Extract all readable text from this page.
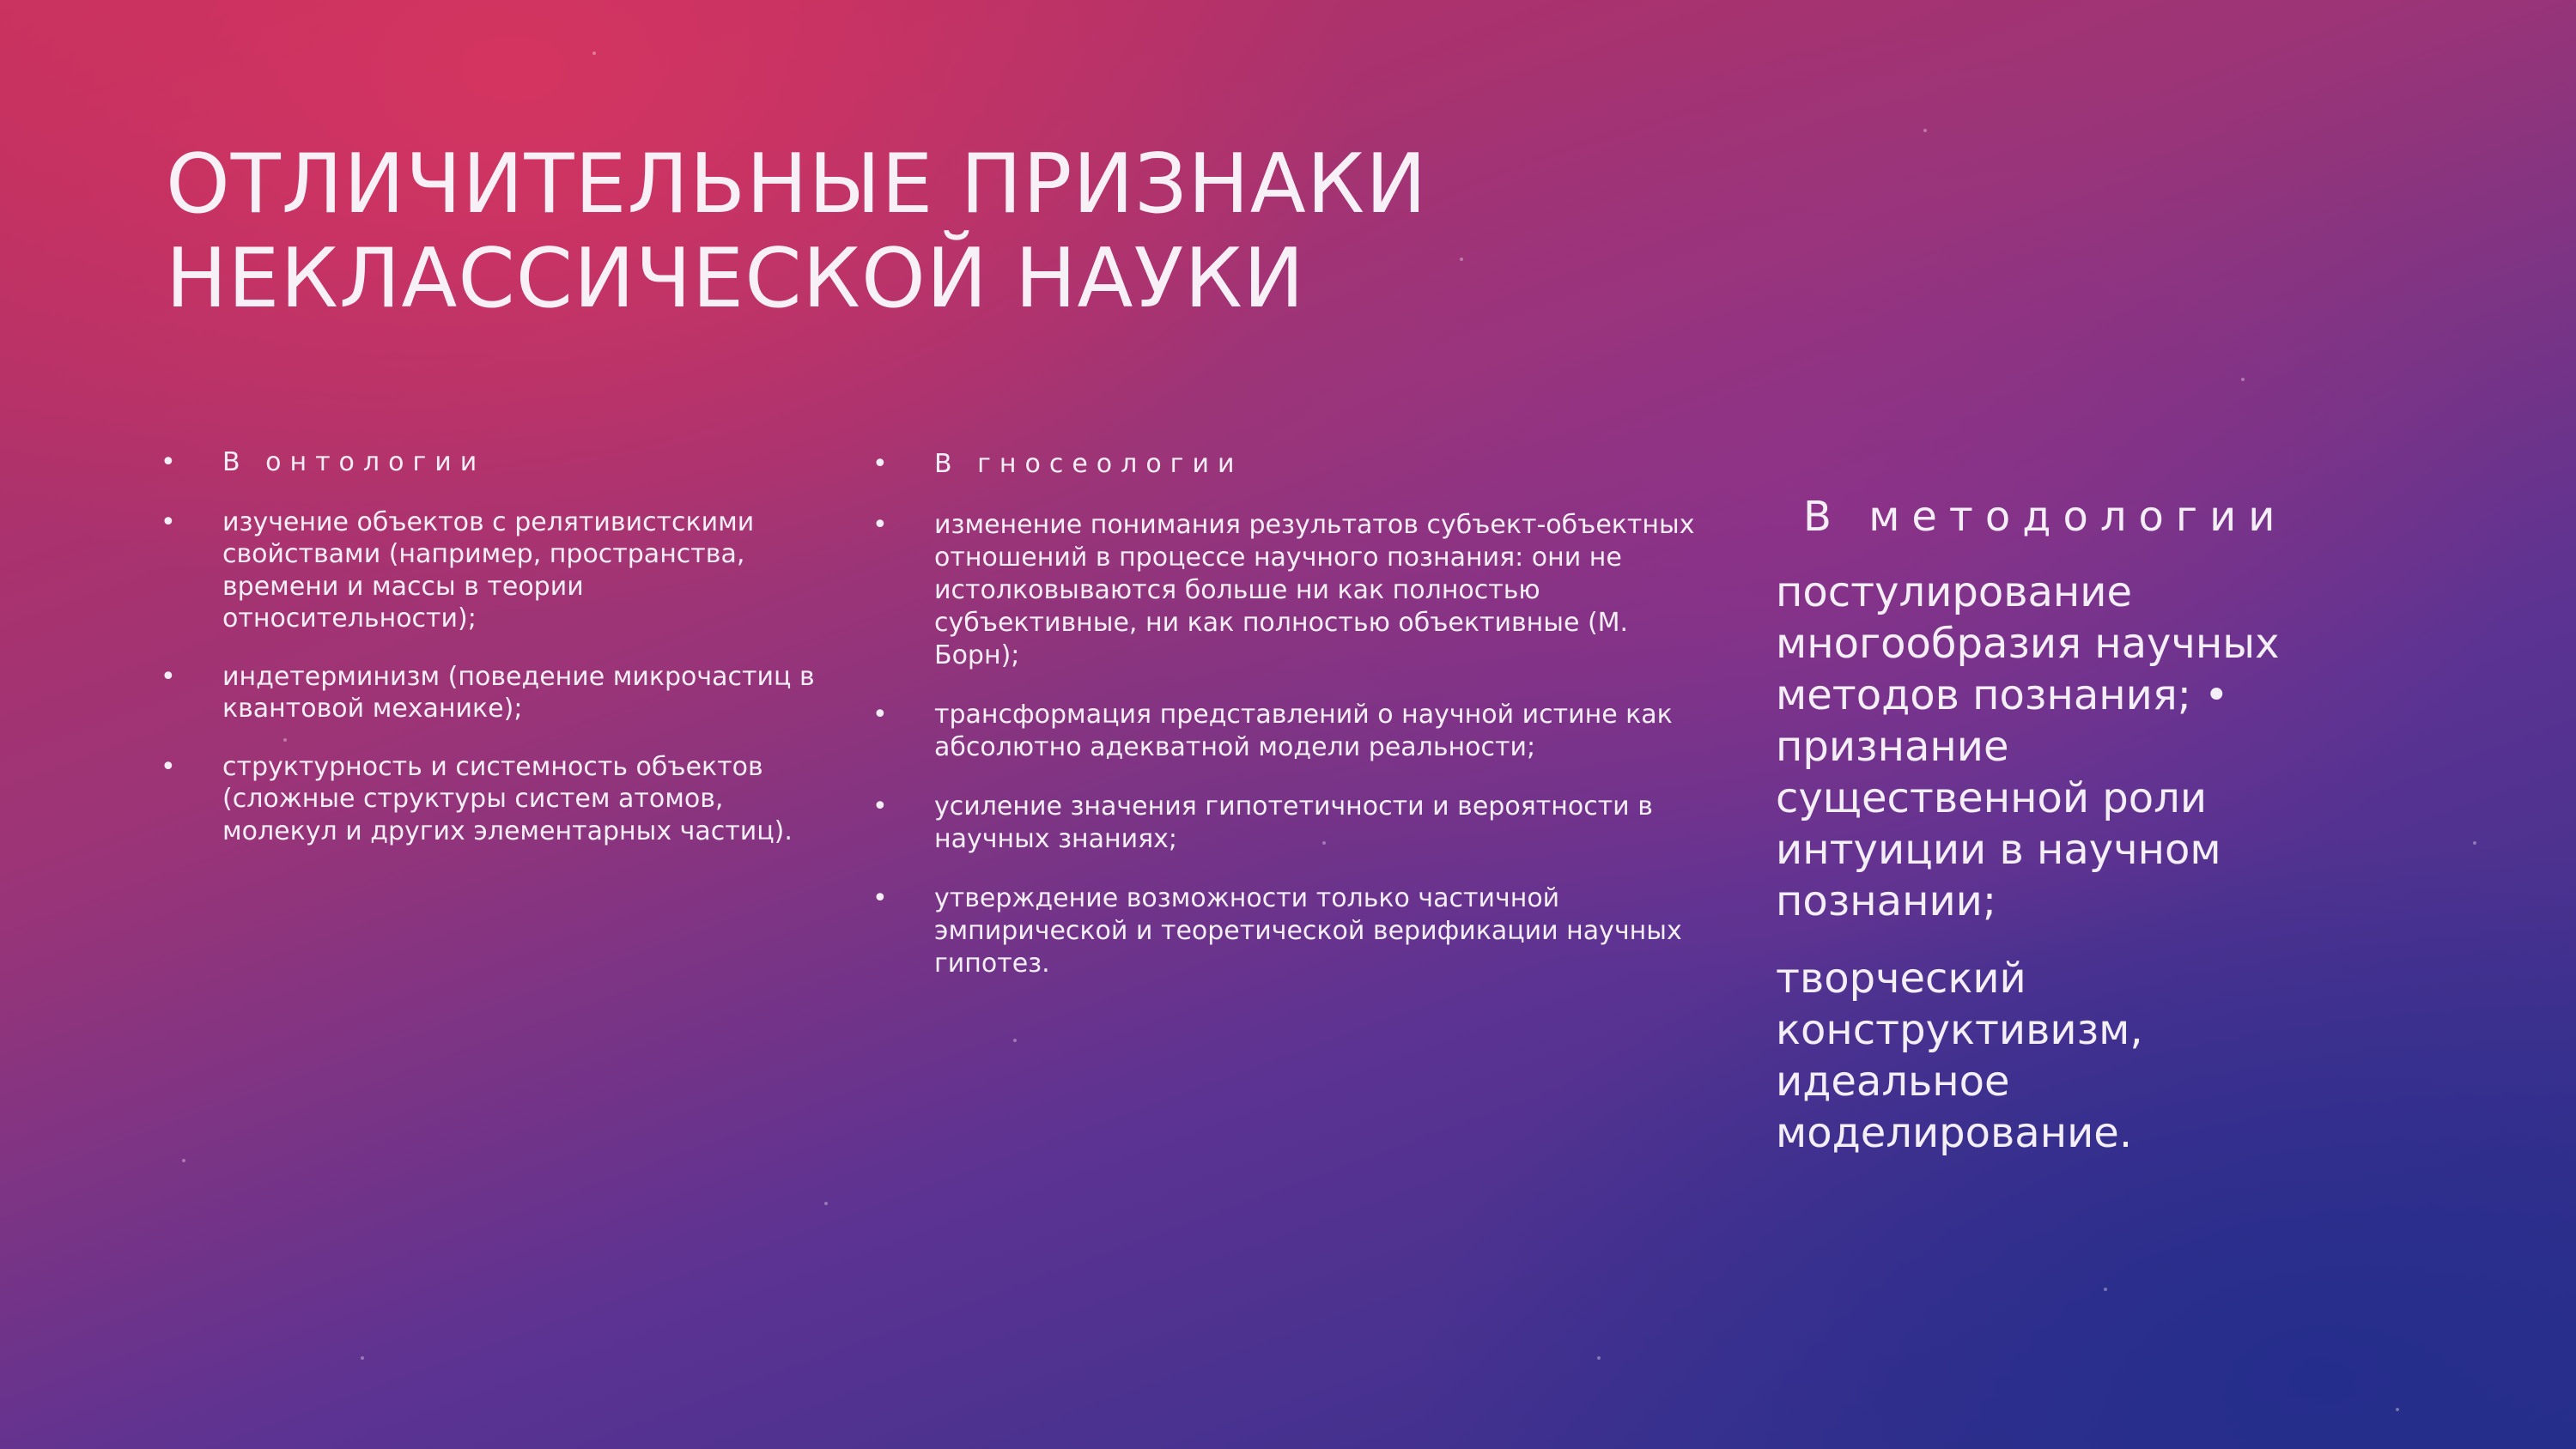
ОТЛИЧИТЕЛЬНЫЕ ПРИЗНАКИ
НЕКЛАССИЧЕСКОЙ НАУКИ
• В онтологии
• изучение объектов с релятивистскими свойствами (например, пространства, времени и массы в теории относительности);
• индетерминизм (поведение микрочастиц в квантовой механике);
• структурность и системность объектов (сложные структуры систем атомов, молекул и других элементарных частиц).
• В гносеологии
• изменение понимания результатов субъект-объектных отношений в процессе научного познания: они не истолковываются больше ни как полностью субъективные, ни как полностью объективные (М. Борн);
• трансформация представлений о научной истине как абсолютно адекватной модели реальности;
• усиление значения гипотетичности и вероятности в научных знаниях;
• утверждение возможности только частичной эмпирической и теоретической верификации научных гипотез.
В методологии

постулирование многообразия научных методов познания; • признание существенной роли интуиции в научном познании;

творческий конструктивизм, идеальное моделирование.
